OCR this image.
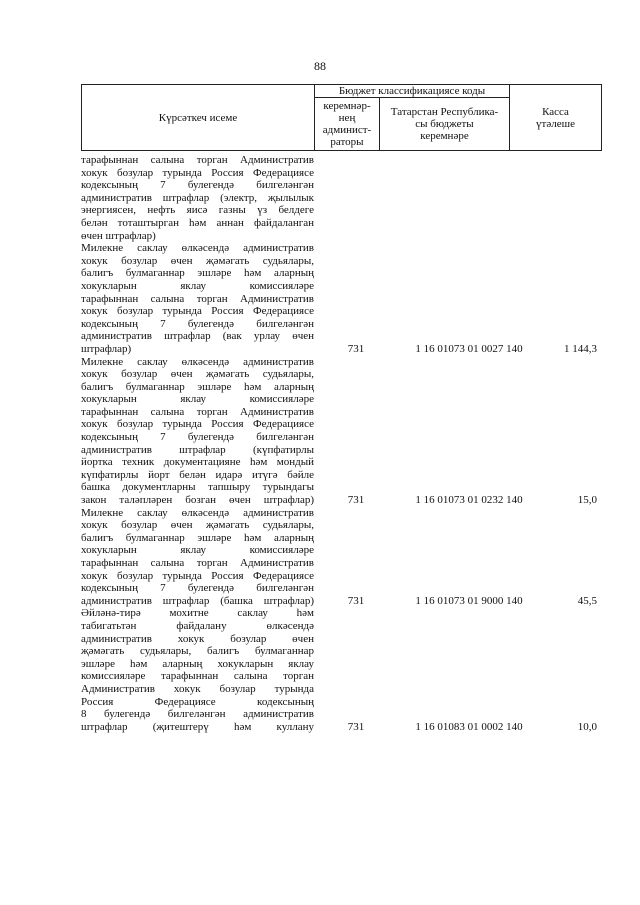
88
Күрсәткеч исеме	Бюджет классификациясе коды		Касса
үтәлеше
	керемнәр-
нең
админист-
раторы	Татарстан Республика-
сы бюджеты
керемнәре	
тарафыннан салына торган Административ
хокук бозулар турында Россия Федерациясе
кодексының 7 булегендә билгеләнгән
административ штрафлар (электр, җылылык
энергиясен, нефть яисә газны үз белдеге
белән тоташтырган һәм аннан файдаланган
өчен штрафлар)
Милекне саклау өлкәсендә административ
хокук бозулар өчен җәмәгать судьялары,
балигъ булмаганнар эшләре һәм аларның
хокукларын яклау комиссияләре
тарафыннан салына торган Административ
хокук бозулар турында Россия Федерациясе
кодексының 7 булегендә билгеләнгән
административ штрафлар (вак урлау өчен
штрафлар)	731	1 16 01073 01 0027 140	1 144,3
Милекне саклау өлкәсендә административ
хокук бозулар өчен җәмәгать судьялары,
балигъ булмаганнар эшләре һәм аларның
хокукларын яклау комиссияләре
тарафыннан салына торган Административ
хокук бозулар турында Россия Федерациясе
кодексының 7 булегендә билгеләнгән
административ штрафлар (күпфатирлы
йортка техник документацияне һәм мондый
күпфатирлы йорт белән идарә итүгә бәйле
башка документларны тапшыру турындагы
закон таләпләрен бозган өчен штрафлар)	731	1 16 01073 01 0232 140	15,0
Милекне саклау өлкәсендә административ
хокук бозулар өчен җәмәгать судьялары,
балигъ булмаганнар эшләре һәм аларның
хокукларын яклау комиссияләре
тарафыннан салына торган Административ
хокук бозулар турында Россия Федерациясе
кодексының 7 булегендә билгеләнгән
административ штрафлар (башка штрафлар)	731	1 16 01073 01 9000 140	45,5
Әйләнә-тирә мохитне саклау һәм
табигатьтән файдалану өлкәсендә
административ хокук бозулар өчен
җәмәгать судьялары, балигъ булмаганнар
эшләре һәм аларның хокукларын яклау
комиссияләре тарафыннан салына торган
Административ хокук бозулар турында
Россия Федерациясе кодексының
8 булегендә билгеләнгән административ
штрафлар (җитештерү һәм куллану	731	1 16 01083 01 0002 140	10,0
